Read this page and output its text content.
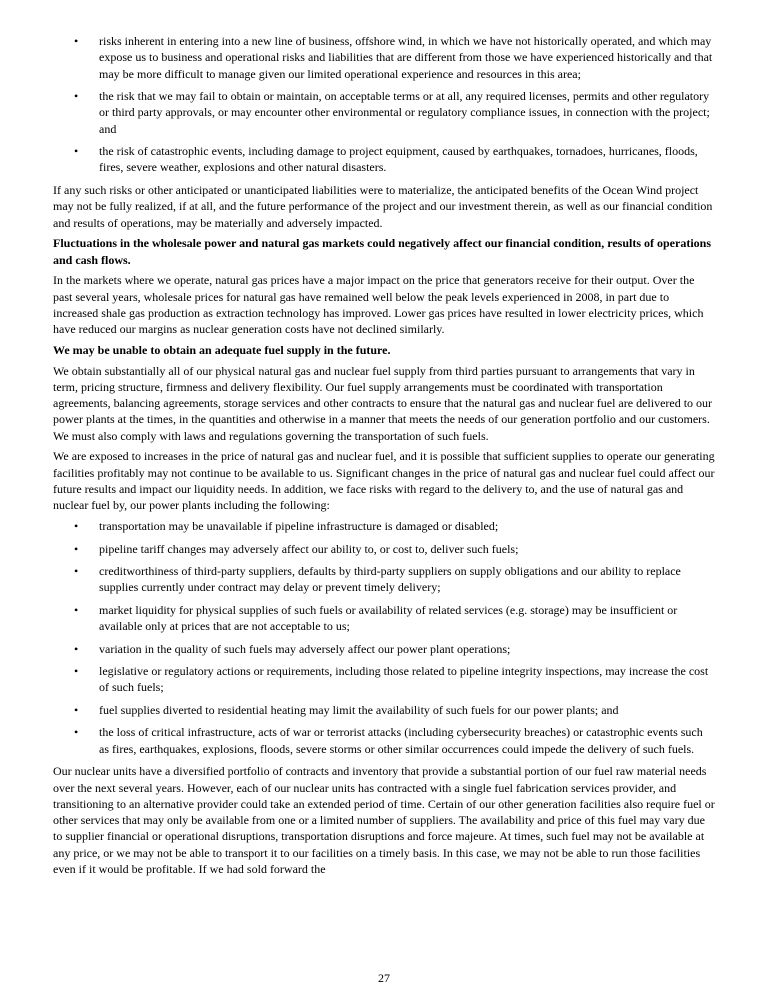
• risks inherent in entering into a new line of business, offshore wind, in which we have not historically operated, and which may expose us to business and operational risks and liabilities that are different from those we have experienced historically and that may be more difficult to manage given our limited operational experience and resources in this area;
• the risk that we may fail to obtain or maintain, on acceptable terms or at all, any required licenses, permits and other regulatory or third party approvals, or may encounter other environmental or regulatory compliance issues, in connection with the project; and
• the risk of catastrophic events, including damage to project equipment, caused by earthquakes, tornadoes, hurricanes, floods, fires, severe weather, explosions and other natural disasters.

If any such risks or other anticipated or unanticipated liabilities were to materialize, the anticipated benefits of the Ocean Wind project may not be fully realized, if at all, and the future performance of the project and our investment therein, as well as our financial condition and results of operations, may be materially and adversely impacted.

Fluctuations in the wholesale power and natural gas markets could negatively affect our financial condition, results of operations and cash flows.

In the markets where we operate, natural gas prices have a major impact on the price that generators receive for their output. Over the past several years, wholesale prices for natural gas have remained well below the peak levels experienced in 2008, in part due to increased shale gas production as extraction technology has improved. Lower gas prices have resulted in lower electricity prices, which have reduced our margins as nuclear generation costs have not declined similarly.

We may be unable to obtain an adequate fuel supply in the future.

We obtain substantially all of our physical natural gas and nuclear fuel supply from third parties pursuant to arrangements that vary in term, pricing structure, firmness and delivery flexibility. Our fuel supply arrangements must be coordinated with transportation agreements, balancing agreements, storage services and other contracts to ensure that the natural gas and nuclear fuel are delivered to our power plants at the times, in the quantities and otherwise in a manner that meets the needs of our generation portfolio and our customers. We must also comply with laws and regulations governing the transportation of such fuels.

We are exposed to increases in the price of natural gas and nuclear fuel, and it is possible that sufficient supplies to operate our generating facilities profitably may not continue to be available to us. Significant changes in the price of natural gas and nuclear fuel could affect our future results and impact our liquidity needs. In addition, we face risks with regard to the delivery to, and the use of natural gas and nuclear fuel by, our power plants including the following:

• transportation may be unavailable if pipeline infrastructure is damaged or disabled;
• pipeline tariff changes may adversely affect our ability to, or cost to, deliver such fuels;
• creditworthiness of third-party suppliers, defaults by third-party suppliers on supply obligations and our ability to replace supplies currently under contract may delay or prevent timely delivery;
• market liquidity for physical supplies of such fuels or availability of related services (e.g. storage) may be insufficient or available only at prices that are not acceptable to us;
• variation in the quality of such fuels may adversely affect our power plant operations;
• legislative or regulatory actions or requirements, including those related to pipeline integrity inspections, may increase the cost of such fuels;
• fuel supplies diverted to residential heating may limit the availability of such fuels for our power plants; and
• the loss of critical infrastructure, acts of war or terrorist attacks (including cybersecurity breaches) or catastrophic events such as fires, earthquakes, explosions, floods, severe storms or other similar occurrences could impede the delivery of such fuels.

Our nuclear units have a diversified portfolio of contracts and inventory that provide a substantial portion of our fuel raw material needs over the next several years. However, each of our nuclear units has contracted with a single fuel fabrication services provider, and transitioning to an alternative provider could take an extended period of time. Certain of our other generation facilities also require fuel or other services that may only be available from one or a limited number of suppliers. The availability and price of this fuel may vary due to supplier financial or operational disruptions, transportation disruptions and force majeure. At times, such fuel may not be available at any price, or we may not be able to transport it to our facilities on a timely basis. In this case, we may not be able to run those facilities even if it would be profitable. If we had sold forward the

27
